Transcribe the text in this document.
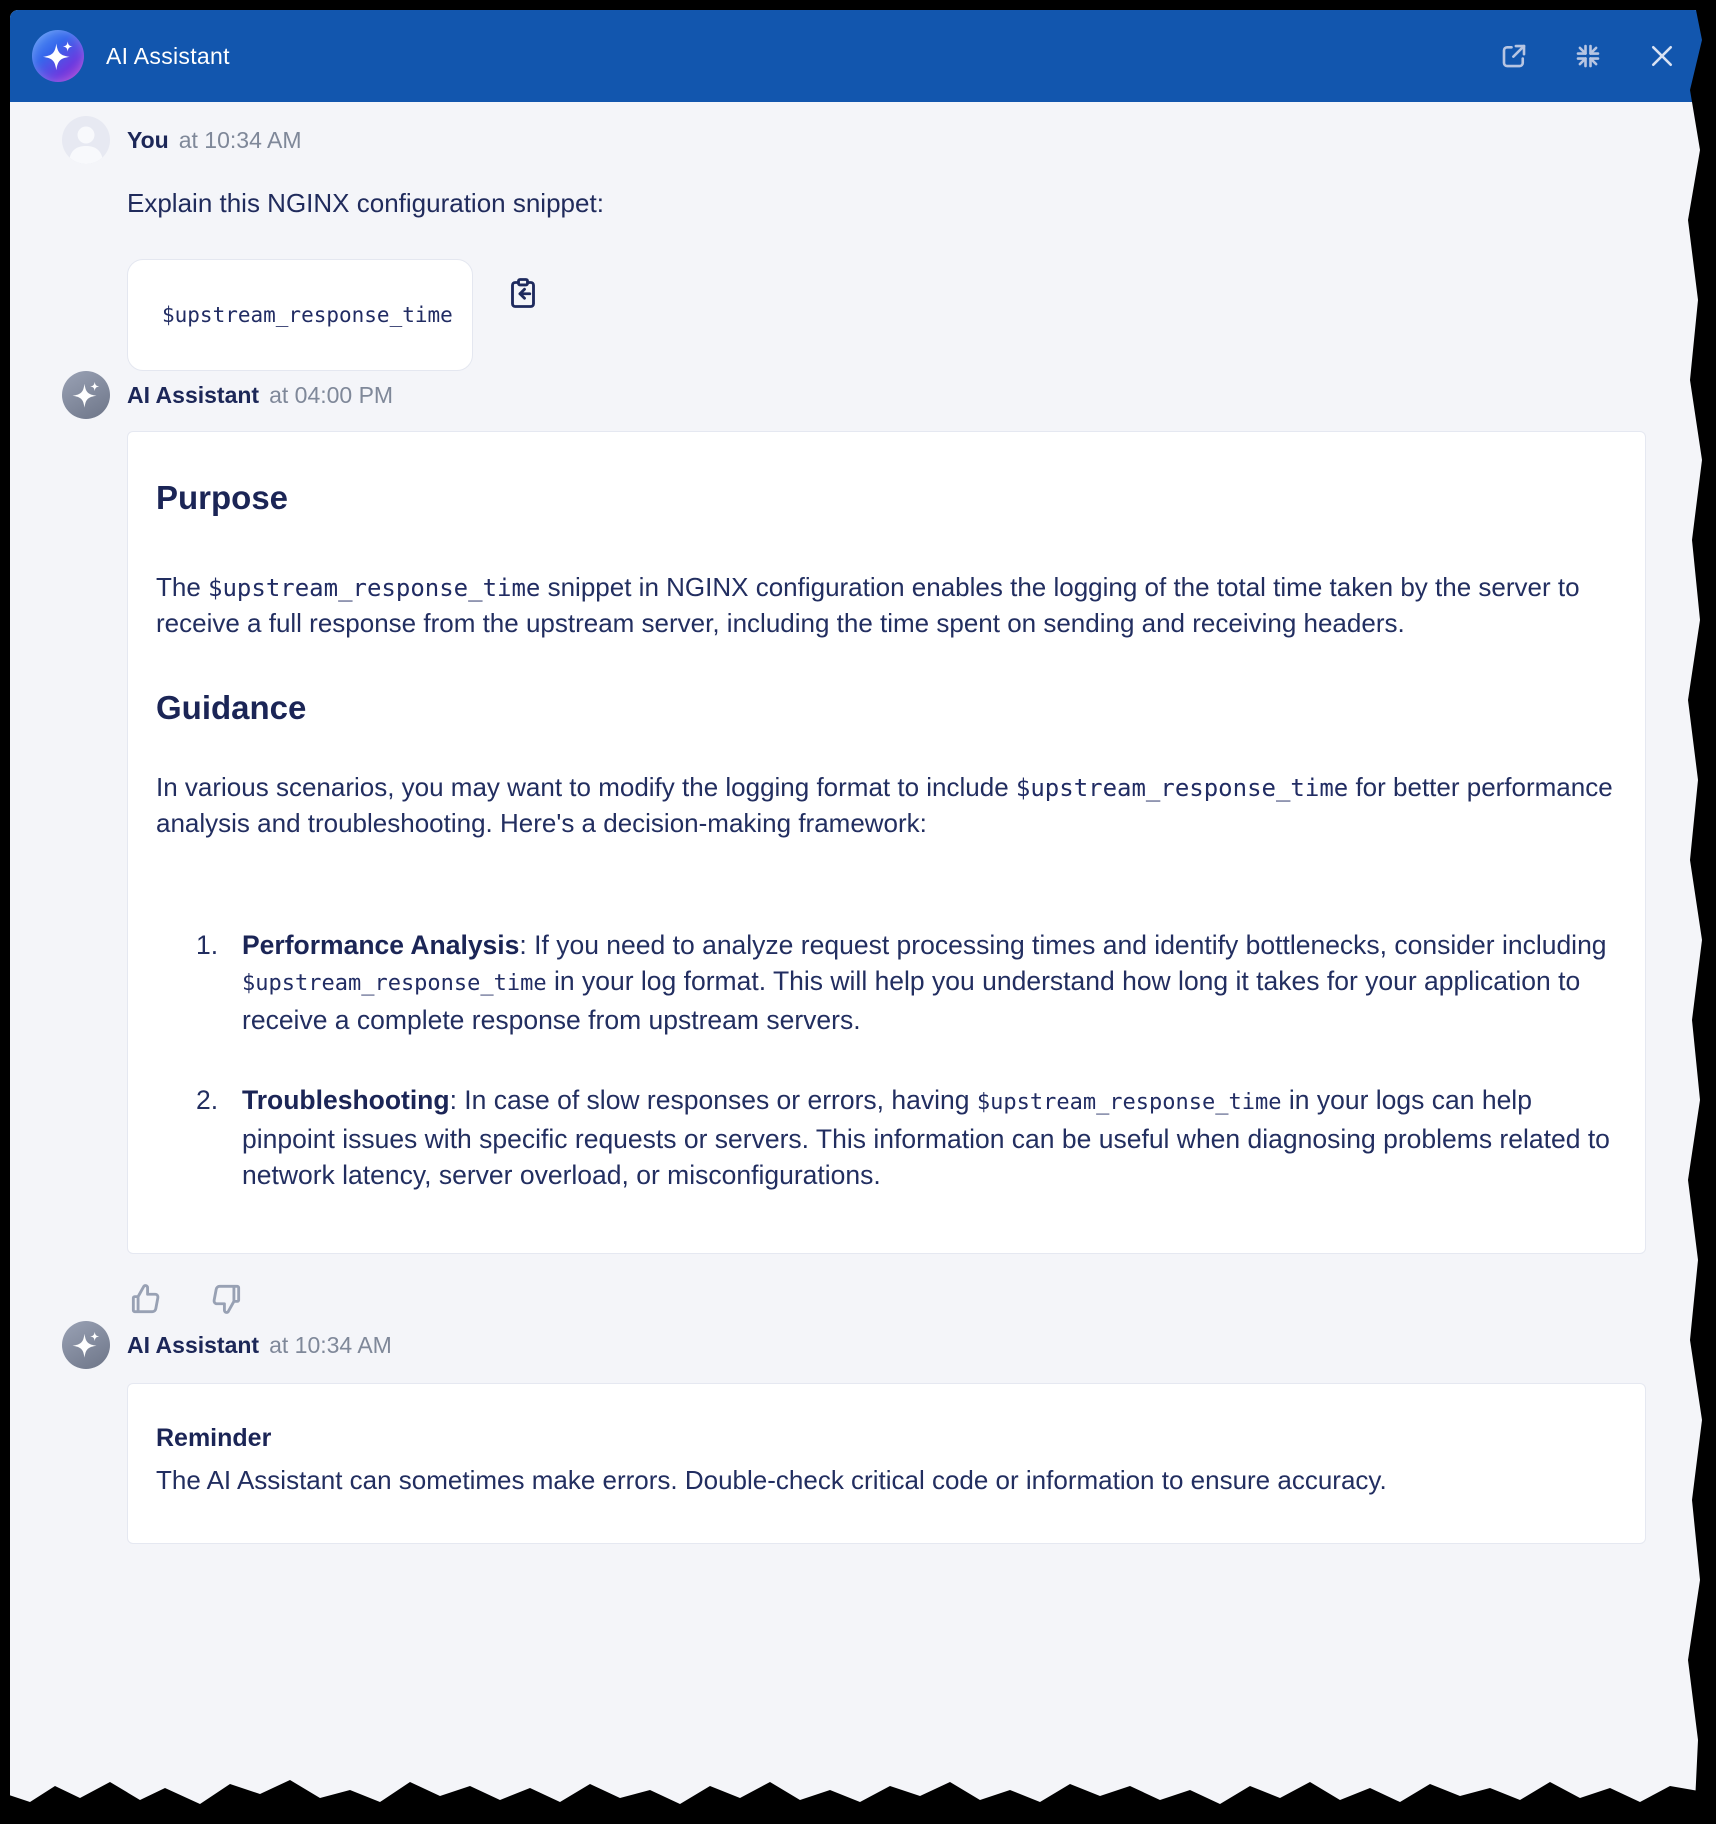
AI Assistant
You at 10:34 AM

Explain this NGINX configuration snippet:

$upstream_response_time
AI Assistant at 04:00 PM
Purpose

The $upstream_response_time snippet in NGINX configuration enables the logging of the total time taken by the server to receive a full response from the upstream server, including the time spent on sending and receiving headers.

Guidance

In various scenarios, you may want to modify the logging format to include $upstream_response_time for better performance analysis and troubleshooting. Here's a decision-making framework:

Performance Analysis: If you need to analyze request processing times and identify bottlenecks, consider including $upstream_response_time in your log format. This will help you understand how long it takes for your application to receive a complete response from upstream servers.
Troubleshooting: In case of slow responses or errors, having $upstream_response_time in your logs can help pinpoint issues with specific requests or servers. This information can be useful when diagnosing problems related to network latency, server overload, or misconfigurations.
AI Assistant at 10:34 AM
Reminder

The AI Assistant can sometimes make errors. Double-check critical code or information to ensure accuracy.
